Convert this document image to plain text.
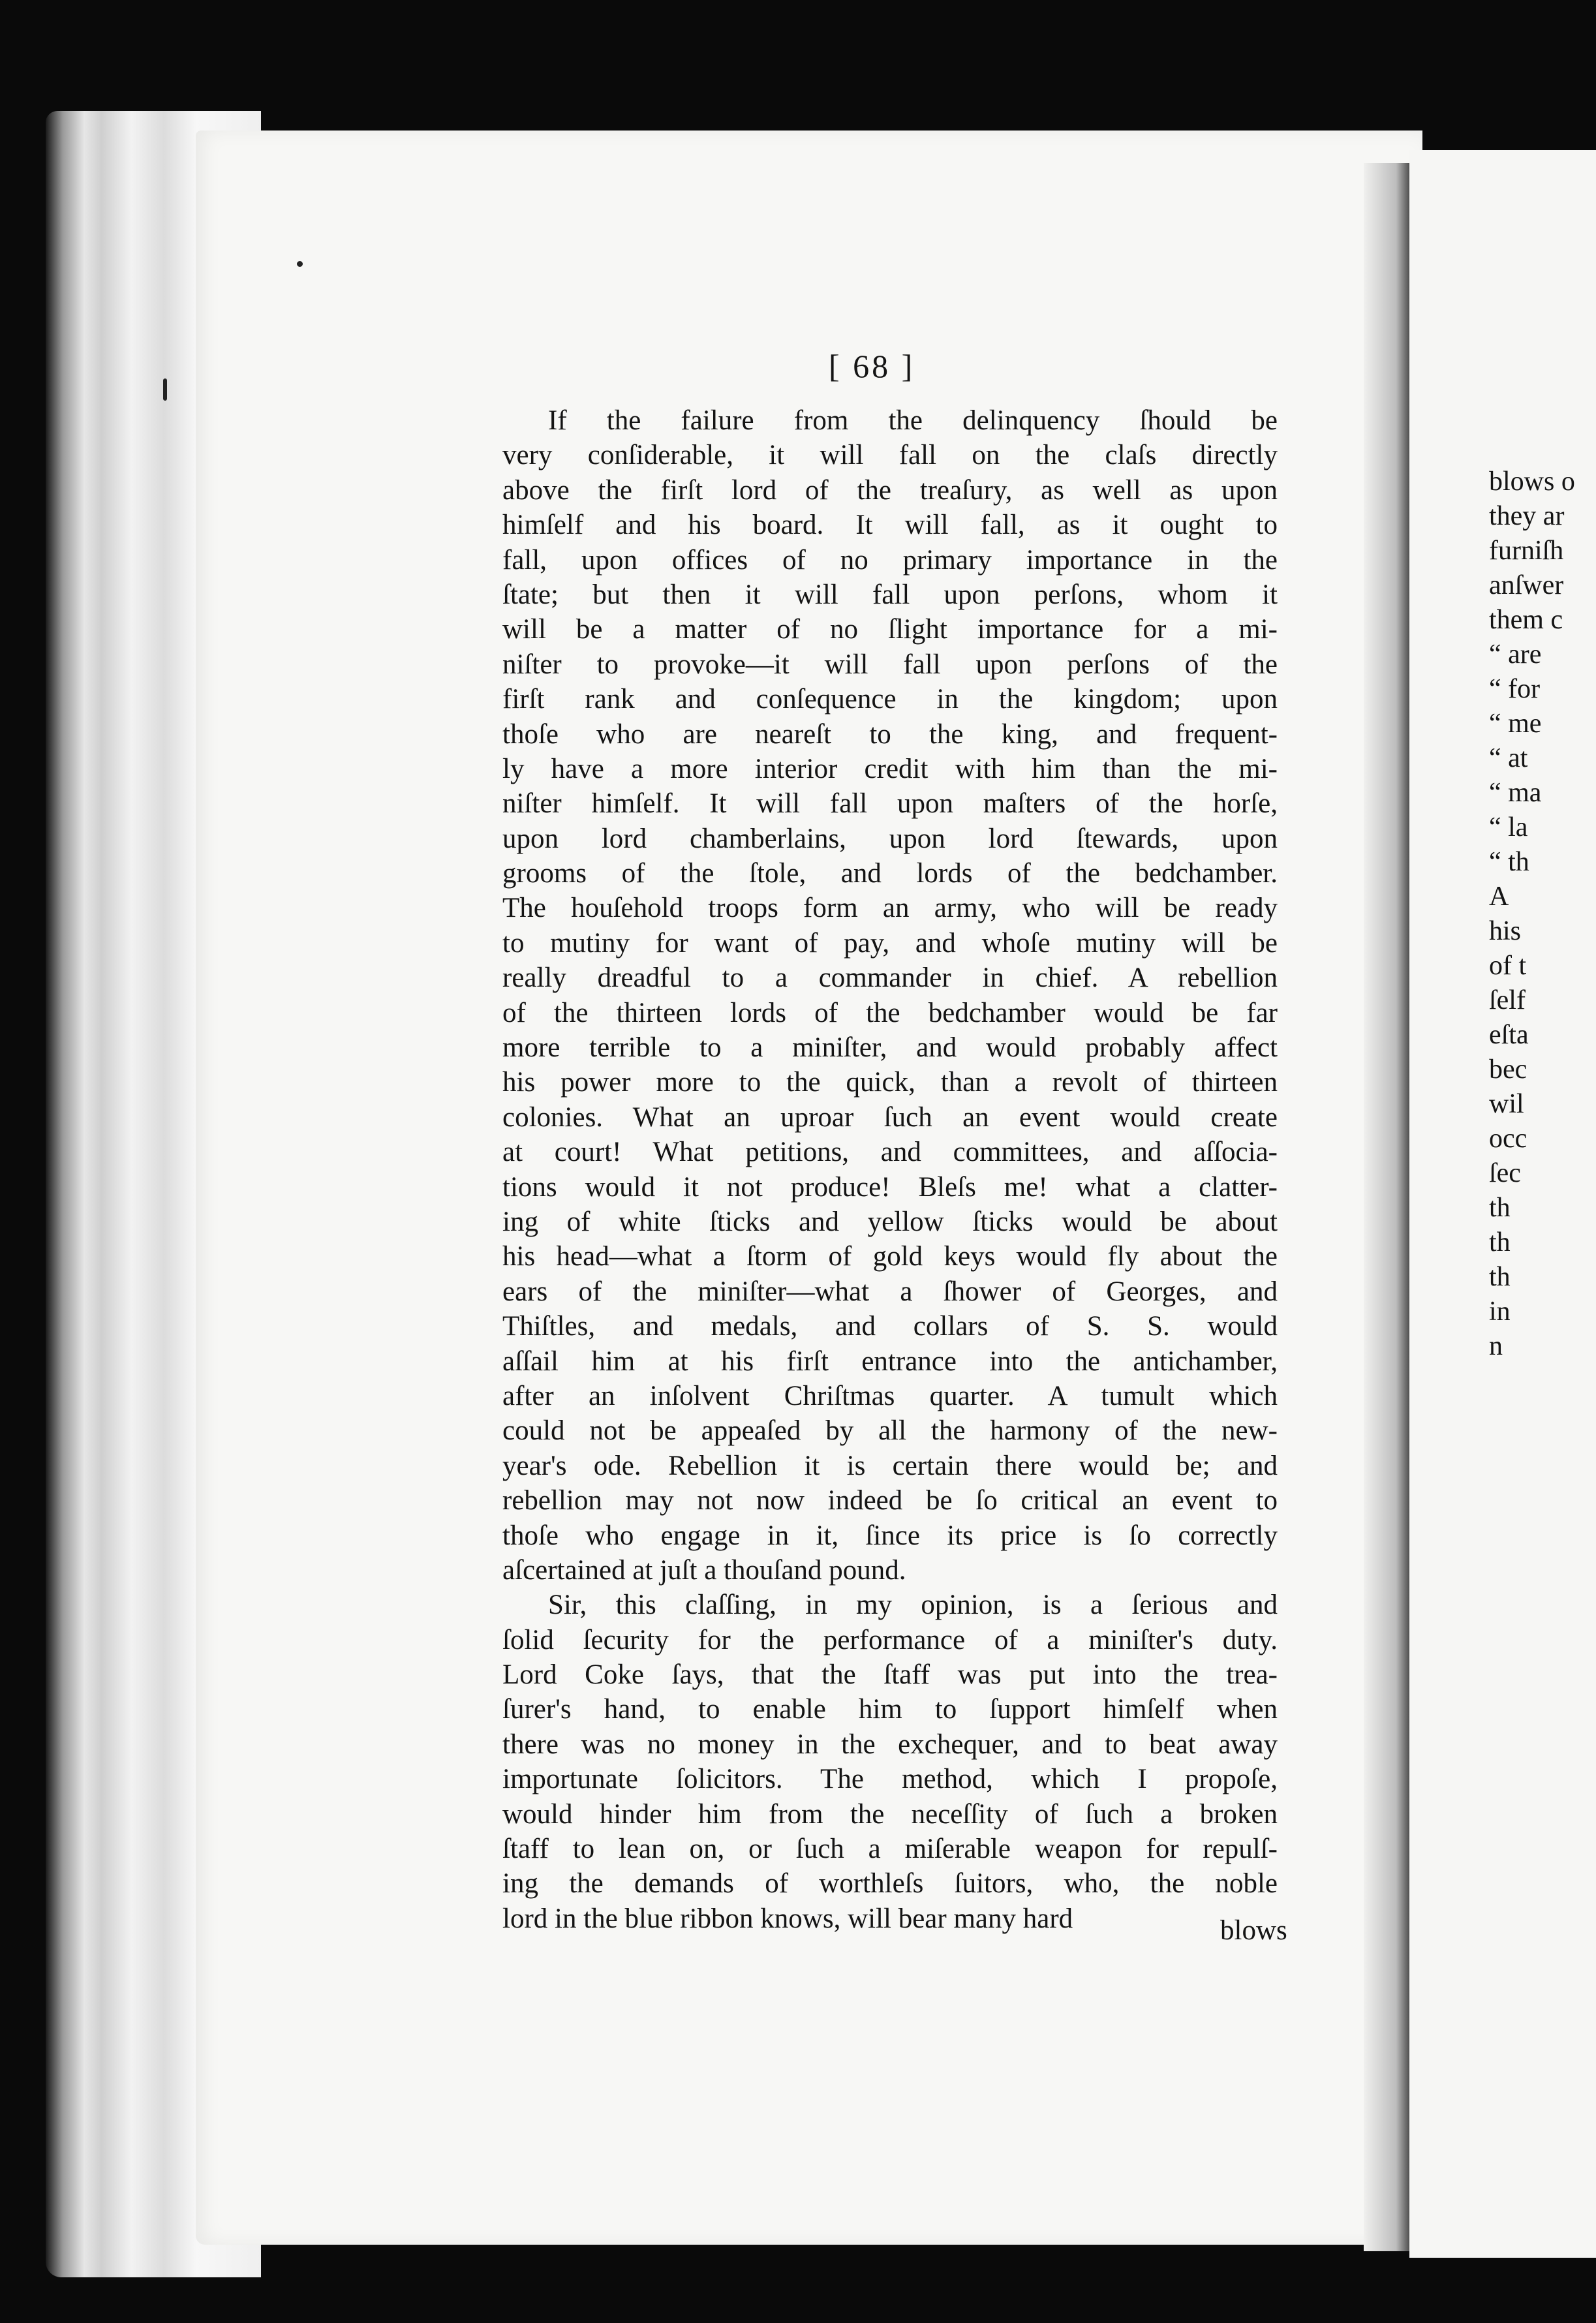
[ 68 ]
If the failure from the delinquency ſhould be
very conſiderable, it will fall on the claſs directly
above the firſt lord of the treaſury, as well as upon
himſelf and his board. It will fall, as it ought to
fall, upon offices of no primary importance in the
ſtate; but then it will fall upon perſons, whom it
will be a matter of no ſlight importance for a mi-
niſter to provoke—it will fall upon perſons of the
firſt rank and conſequence in the kingdom; upon
thoſe who are neareſt to the king, and frequent-
ly have a more interior credit with him than the mi-
niſter himſelf. It will fall upon maſters of the horſe,
upon lord chamberlains, upon lord ſtewards, upon
grooms of the ſtole, and lords of the bedchamber.
The houſehold troops form an army, who will be ready
to mutiny for want of pay, and whoſe mutiny will be
really dreadful to a commander in chief. A rebellion
of the thirteen lords of the bedchamber would be far
more terrible to a miniſter, and would probably affect
his power more to the quick, than a revolt of thirteen
colonies. What an uproar ſuch an event would create
at court! What petitions, and committees, and aſſocia-
tions would it not produce! Bleſs me! what a clatter-
ing of white ſticks and yellow ſticks would be about
his head—what a ſtorm of gold keys would fly about the
ears of the miniſter—what a ſhower of Georges, and
Thiſtles, and medals, and collars of S. S. would
aſſail him at his firſt entrance into the antichamber,
after an inſolvent Chriſtmas quarter. A tumult which
could not be appeaſed by all the harmony of the new-
year's ode. Rebellion it is certain there would be; and
rebellion may not now indeed be ſo critical an event to
thoſe who engage in it, ſince its price is ſo correctly
aſcertained at juſt a thouſand pound.
Sir, this claſſing, in my opinion, is a ſerious and
ſolid ſecurity for the performance of a miniſter's duty.
Lord Coke ſays, that the ſtaff was put into the trea-
ſurer's hand, to enable him to ſupport himſelf when
there was no money in the exchequer, and to beat away
importunate ſolicitors. The method, which I propoſe,
would hinder him from the neceſſity of ſuch a broken
ſtaff to lean on, or ſuch a miſerable weapon for repulſ-
ing the demands of worthleſs ſuitors, who, the noble
lord in the blue ribbon knows, will bear many hard	blows
blows o
they ar
furniſh
anſwer
them c
“ are
“ for
“ me
“ at
“ ma
“ la
“ th
A
his
of t
ſelf
eſta
bec
wil
occ
ſec
th
th
th
in
n
